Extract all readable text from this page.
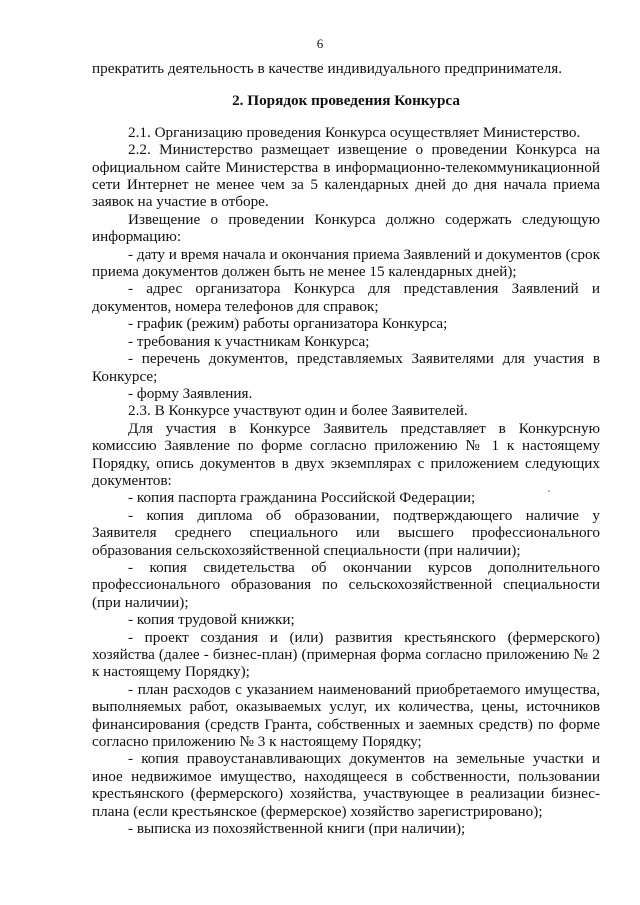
6

прекратить деятельность в качестве индивидуального предпринимателя.

2. Порядок проведения Конкурса

2.1. Организацию проведения Конкурса осуществляет Министерство.

2.2. Министерство размещает извещение о проведении Конкурса на официальном сайте Министерства в информационно-телекоммуникационной сети Интернет не менее чем за 5 календарных дней до дня начала приема заявок на участие в отборе.

Извещение о проведении Конкурса должно содержать следующую информацию:

- дату и время начала и окончания приема Заявлений и документов (срок приема документов должен быть не менее 15 календарных дней);

- адрес организатора Конкурса для представления Заявлений и документов, номера телефонов для справок;

- график (режим) работы организатора Конкурса;

- требования к участникам Конкурса;

- перечень документов, представляемых Заявителями для участия в Конкурсе;

- форму Заявления.

2.3. В Конкурсе участвуют один и более Заявителей.

Для участия в Конкурсе Заявитель представляет в Конкурсную комиссию Заявление по форме согласно приложению № 1 к настоящему Порядку, опись документов в двух экземплярах с приложением следующих документов:

- копия паспорта гражданина Российской Федерации;

- копия диплома об образовании, подтверждающего наличие у Заявителя среднего специального или высшего профессионального образования сельскохозяйственной специальности (при наличии);

- копия свидетельства об окончании курсов дополнительного профессионального образования по сельскохозяйственной специальности (при наличии);

- копия трудовой книжки;

- проект создания и (или) развития крестьянского (фермерского) хозяйства (далее - бизнес-план) (примерная форма согласно приложению № 2 к настоящему Порядку);

- план расходов с указанием наименований приобретаемого имущества, выполняемых работ, оказываемых услуг, их количества, цены, источников финансирования (средств Гранта, собственных и заемных средств) по форме согласно приложению № 3 к настоящему Порядку;

- копия правоустанавливающих документов на земельные участки и иное недвижимое имущество, находящееся в собственности, пользовании крестьянского (фермерского) хозяйства, участвующее в реализации бизнес-плана (если крестьянское (фермерское) хозяйство зарегистрировано);

- выписка из похозяйственной книги (при наличии);
